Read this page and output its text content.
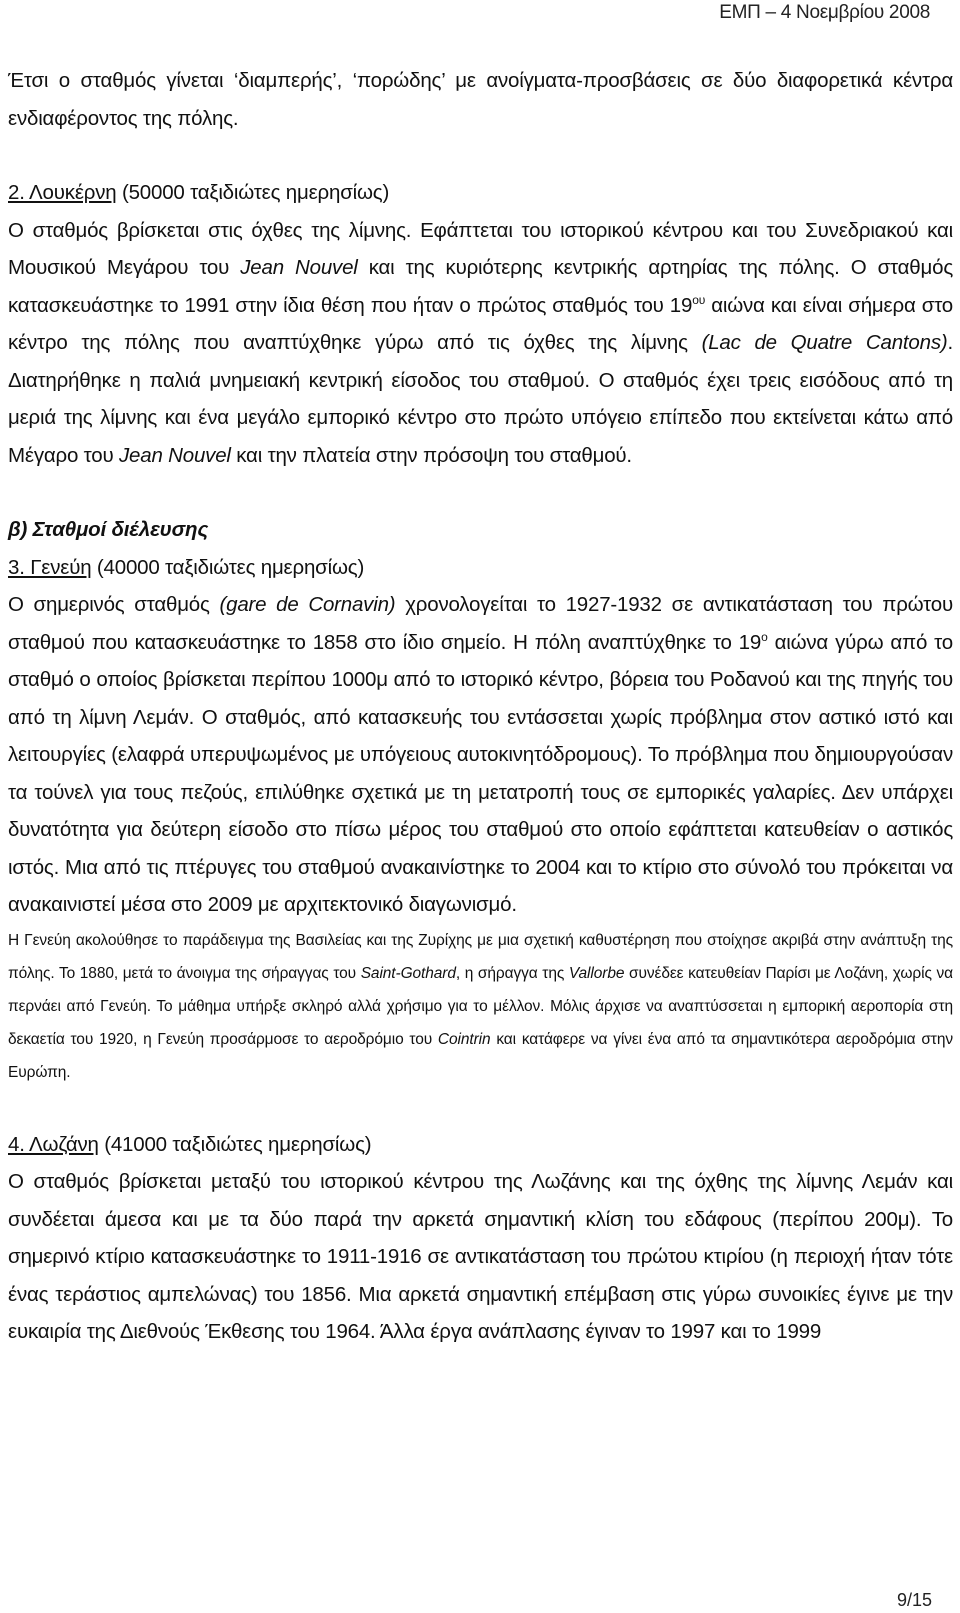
ΕΜΠ – 4 Νοεμβρίου 2008

Έτσι ο σταθμός γίνεται ‘διαμπερής’, ‘πορώδης’ με ανοίγματα-προσβάσεις σε δύο διαφορετικά κέντρα ενδιαφέροντος της πόλης.

2. Λουκέρνη (50000 ταξιδιώτες ημερησίως)

Ο σταθμός βρίσκεται στις όχθες της λίμνης. Εφάπτεται του ιστορικού κέντρου και του Συνεδριακού και Μουσικού Μεγάρου του Jean Nouvel και της κυριότερης κεντρικής αρτηρίας της πόλης. Ο σταθμός κατασκευάστηκε το 1991 στην ίδια θέση που ήταν ο πρώτος σταθμός του $19^{o\upsilon}$ αιώνα και είναι σήμερα στο κέντρο της πόλης που αναπτύχθηκε γύρω από τις όχθες της λίμνης (Lac de Quatre Cantons). Διατηρήθηκε η παλιά μνημειακή κεντρική είσοδος του σταθμού. Ο σταθμός έχει τρεις εισόδους από τη μεριά της λίμνης και ένα μεγάλο εμπορικό κέντρο στο πρώτο υπόγειο επίπεδο που εκτείνεται κάτω από Μέγαρο του Jean Nouvel και την πλατεία στην πρόσοψη του σταθμού.

β) Σταθμοί διέλευσης

3. Γενεύη (40000 ταξιδιώτες ημερησίως)

Ο σημερινός σταθμός (gare de Cornavin) χρονολογείται το 1927-1932 σε αντικατάσταση του πρώτου σταθμού που κατασκευάστηκε το 1858 στο ίδιο σημείο. Η πόλη αναπτύχθηκε το $19^o$ αιώνα γύρω από το σταθμό ο οποίος βρίσκεται περίπου 1000μ από το ιστορικό κέντρο, βόρεια του Ροδανού και της πηγής του από τη λίμνη Λεμάν. Ο σταθμός, από κατασκευής του εντάσσεται χωρίς πρόβλημα στον αστικό ιστό και λειτουργίες (ελαφρά υπερυψωμένος με υπόγειους αυτοκινητόδρομους). Το πρόβλημα που δημιουργούσαν τα τούνελ για τους πεζούς, επιλύθηκε σχετικά με τη μετατροπή τους σε εμπορικές γαλαρίες. Δεν υπάρχει δυνατότητα για δεύτερη είσοδο στο πίσω μέρος του σταθμού στο οποίο εφάπτεται κατευθείαν ο αστικός ιστός. Μια από τις πτέρυγες του σταθμού ανακαινίστηκε το 2004 και το κτίριο στο σύνολό του πρόκειται να ανακαινιστεί μέσα στο 2009 με αρχιτεκτονικό διαγωνισμό.

Η Γενεύη ακολούθησε το παράδειγμα της Βασιλείας και της Ζυρίχης με μια σχετική καθυστέρηση που στοίχησε ακριβά στην ανάπτυξη της πόλης. Το 1880, μετά το άνοιγμα της σήραγγας του Saint-Gothard, η σήραγγα της Vallorbe συνέδεε κατευθείαν Παρίσι με Λοζάνη, χωρίς να περνάει από Γενεύη. Το μάθημα υπήρξε σκληρό αλλά χρήσιμο για το μέλλον. Μόλις άρχισε να αναπτύσσεται η εμπορική αεροπορία στη δεκαετία του 1920, η Γενεύη προσάρμοσε το αεροδρόμιο του Cointrin και κατάφερε να γίνει ένα από τα σημαντικότερα αεροδρόμια στην Ευρώπη.

4. Λωζάνη (41000 ταξιδιώτες ημερησίως)

Ο σταθμός βρίσκεται μεταξύ του ιστορικού κέντρου της Λωζάνης και της όχθης της λίμνης Λεμάν και συνδέεται άμεσα και με τα δύο παρά την αρκετά σημαντική κλίση του εδάφους (περίπου 200μ). Το σημερινό κτίριο κατασκευάστηκε το 1911-1916 σε αντικατάσταση του πρώτου κτιρίου (η περιοχή ήταν τότε ένας τεράστιος αμπελώνας) του 1856. Μια αρκετά σημαντική επέμβαση στις γύρω συνοικίες έγινε με την ευκαιρία της Διεθνούς Έκθεσης του 1964. Άλλα έργα ανάπλασης έγιναν το 1997 και το 1999

9/15
